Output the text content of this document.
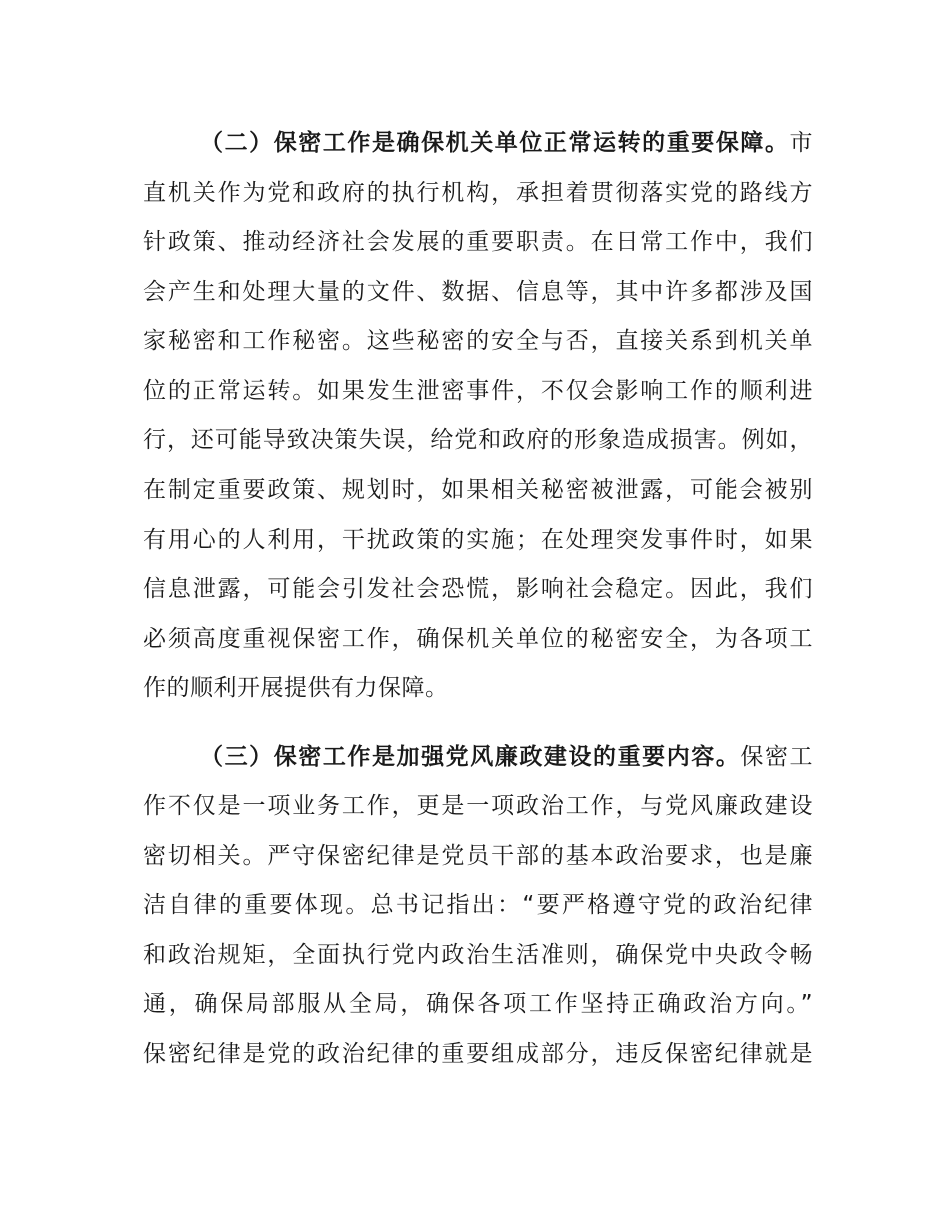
（二）保密工作是确保机关单位正常运转的重要保障。市
直机关作为党和政府的执行机构，承担着贯彻落实党的路线方
针政策、推动经济社会发展的重要职责。在日常工作中，我们
会产生和处理大量的文件、数据、信息等，其中许多都涉及国
家秘密和工作秘密。这些秘密的安全与否，直接关系到机关单
位的正常运转。如果发生泄密事件，不仅会影响工作的顺利进
行，还可能导致决策失误，给党和政府的形象造成损害。例如，
在制定重要政策、规划时，如果相关秘密被泄露，可能会被别
有用心的人利用，干扰政策的实施；在处理突发事件时，如果
信息泄露，可能会引发社会恐慌，影响社会稳定。因此，我们
必须高度重视保密工作，确保机关单位的秘密安全，为各项工
作的顺利开展提供有力保障。
（三）保密工作是加强党风廉政建设的重要内容。保密工
作不仅是一项业务工作，更是一项政治工作，与党风廉政建设
密切相关。严守保密纪律是党员干部的基本政治要求，也是廉
洁自律的重要体现。总书记指出：“要严格遵守党的政治纪律
和政治规矩，全面执行党内政治生活准则，确保党中央政令畅
通，确保局部服从全局，确保各项工作坚持正确政治方向。”
保密纪律是党的政治纪律的重要组成部分，违反保密纪律就是
